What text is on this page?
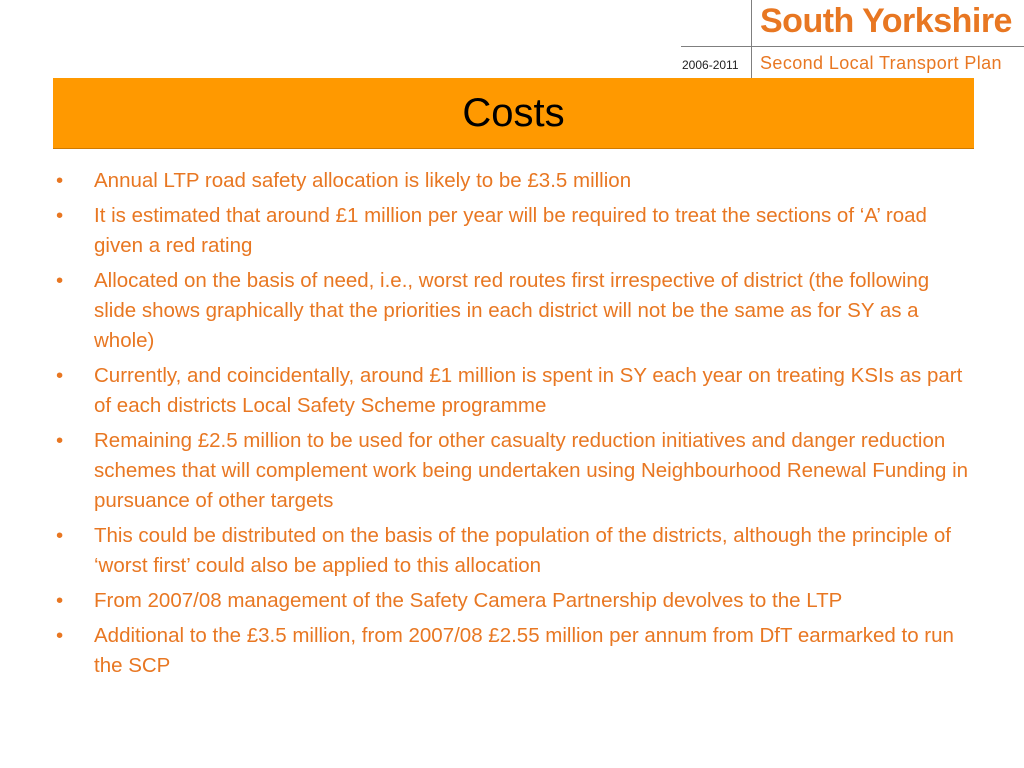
South Yorkshire
Second Local Transport Plan
2006-2011
Costs
• Annual LTP road safety allocation is likely to be £3.5 million
• It is estimated that around £1 million per year will be required to treat the sections of ‘A’ road given a red rating
• Allocated on the basis of need, i.e., worst red routes first irrespective of district (the following slide shows graphically that the priorities in each district will not be the same as for SY as a whole)
• Currently, and coincidentally, around £1 million is spent in SY each year on treating KSIs as part of each districts Local Safety Scheme programme
• Remaining £2.5 million to be used for other casualty reduction initiatives and danger reduction schemes that will complement work being undertaken using Neighbourhood Renewal Funding in pursuance of other targets
• This could be distributed on the basis of the population of the districts, although the principle of ‘worst first’ could also be applied to this allocation
• From 2007/08 management of the Safety Camera Partnership devolves to the LTP
• Additional to the £3.5 million, from 2007/08 £2.55 million per annum from DfT earmarked to run the SCP
